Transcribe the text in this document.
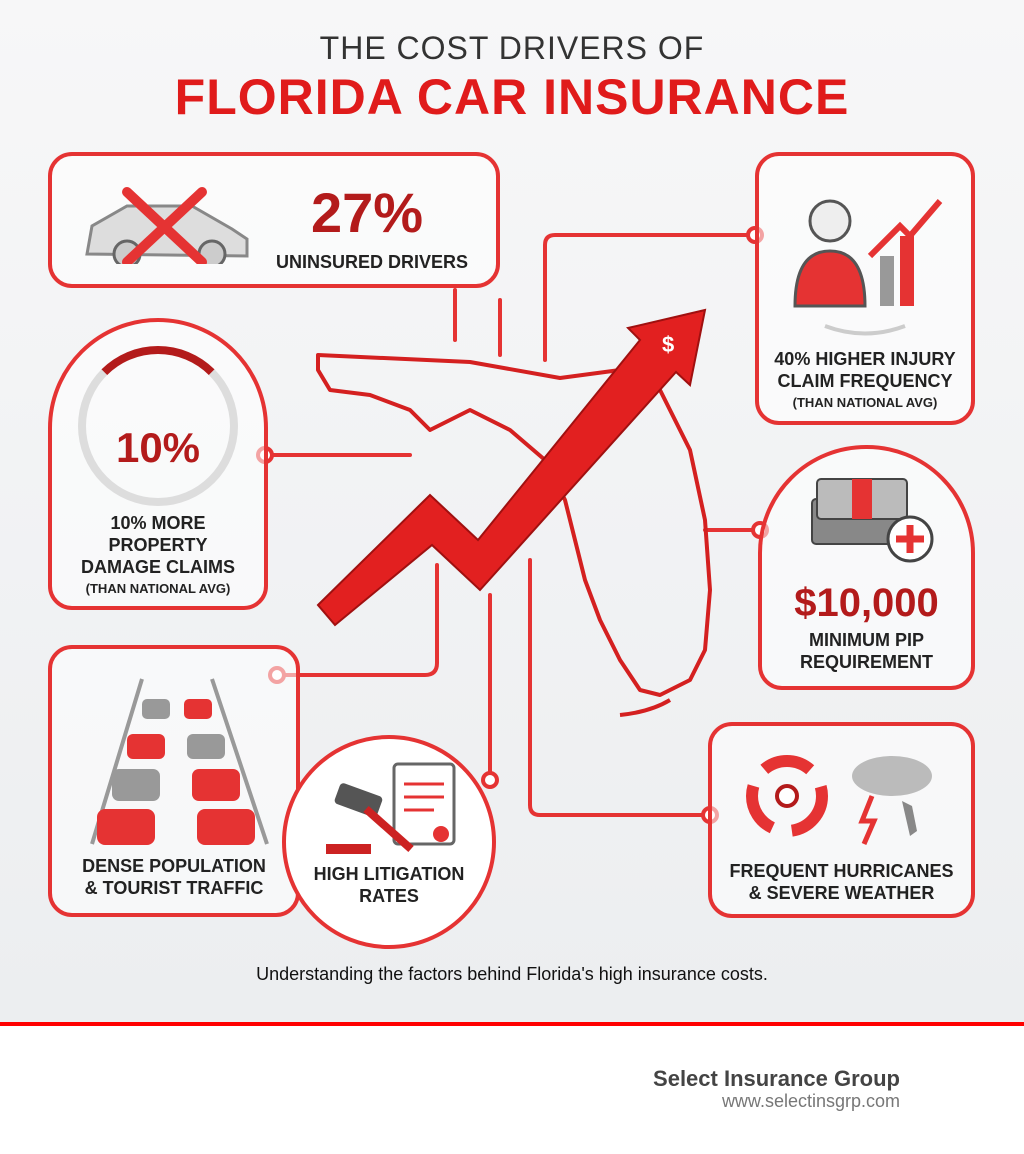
THE COST DRIVERS OF
FLORIDA CAR INSURANCE
$
27%
UNINSURED DRIVERS
10%
10% MORE
PROPERTY
DAMAGE CLAIMS
(THAN NATIONAL AVG)
DENSE POPULATION
& TOURIST TRAFFIC
HIGH LITIGATION
RATES
40% HIGHER INJURY
CLAIM FREQUENCY
(THAN NATIONAL AVG)
$10,000
MINIMUM PIP
REQUIREMENT
FREQUENT HURRICANES
& SEVERE WEATHER
Understanding the factors behind Florida's high insurance costs.
Select Insurance Group
www.selectinsgrp.com
